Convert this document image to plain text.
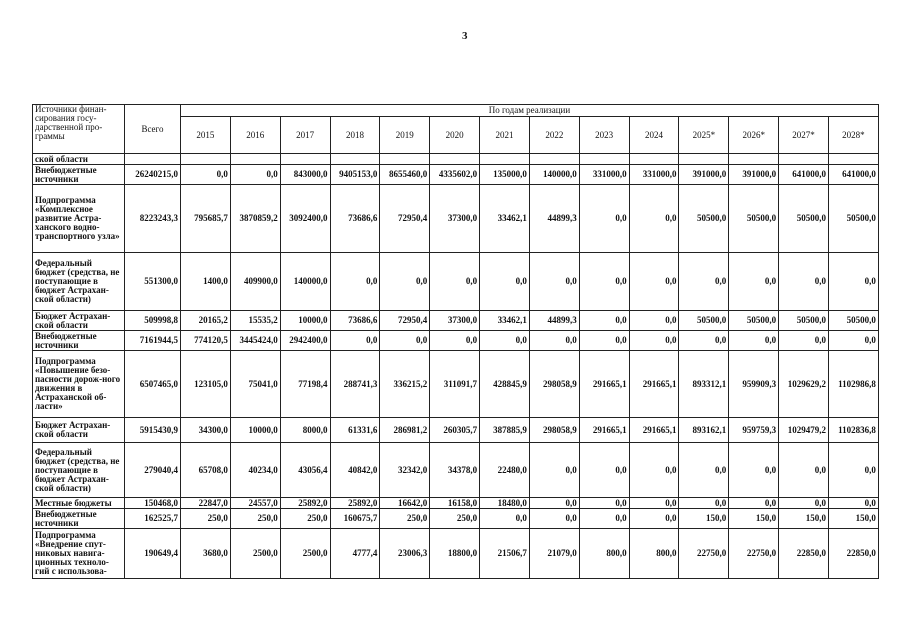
3
Источники финан-сирования госу-дарственной про-граммы	Всего	По годам реализации													
		2015	2016	2017	2018	2019	2020	2021	2022	2023	2024	2025*	2026*	2027*	2028*
ской области															
Внебюджетные источники	26240215,0	0,0	0,0	843000,0	9405153,0	8655460,0	4335602,0	135000,0	140000,0	331000,0	331000,0	391000,0	391000,0	641000,0	641000,0
Подпрограмма «Комплексное развитие Астра-ханского водно-транспортного узла»	8223243,3	795685,7	3870859,2	3092400,0	73686,6	72950,4	37300,0	33462,1	44899,3	0,0	0,0	50500,0	50500,0	50500,0	50500,0
Федеральный бюджет (средства, не поступающие в бюджет Астрахан-ской области)	551300,0	1400,0	409900,0	140000,0	0,0	0,0	0,0	0,0	0,0	0,0	0,0	0,0	0,0	0,0	0,0
Бюджет Астрахан-ской области	509998,8	20165,2	15535,2	10000,0	73686,6	72950,4	37300,0	33462,1	44899,3	0,0	0,0	50500,0	50500,0	50500,0	50500,0
Внебюджетные источники	7161944,5	774120,5	3445424,0	2942400,0	0,0	0,0	0,0	0,0	0,0	0,0	0,0	0,0	0,0	0,0	0,0
Подпрограмма «Повышение безо-пасности дорож-ного движения в Астраханской об-ласти»	6507465,0	123105,0	75041,0	77198,4	288741,3	336215,2	311091,7	428845,9	298058,9	291665,1	291665,1	893312,1	959909,3	1029629,2	1102986,8
Бюджет Астрахан-ской области	5915430,9	34300,0	10000,0	8000,0	61331,6	286981,2	260305,7	387885,9	298058,9	291665,1	291665,1	893162,1	959759,3	1029479,2	1102836,8
Федеральный бюджет (средства, не поступающие в бюджет Астрахан-ской области)	279040,4	65708,0	40234,0	43056,4	40842,0	32342,0	34378,0	22480,0	0,0	0,0	0,0	0,0	0,0	0,0	0,0
Местные бюджеты	150468,0	22847,0	24557,0	25892,0	25892,0	16642,0	16158,0	18480,0	0,0	0,0	0,0	0,0	0,0	0,0	0,0
Внебюджетные источники	162525,7	250,0	250,0	250,0	160675,7	250,0	250,0	0,0	0,0	0,0	0,0	150,0	150,0	150,0	150,0
Подпрограмма «Внедрение спут-никовых навига-ционных техноло-гий с использова-	190649,4	3680,0	2500,0	2500,0	4777,4	23006,3	18800,0	21506,7	21079,0	800,0	800,0	22750,0	22750,0	22850,0	22850,0
